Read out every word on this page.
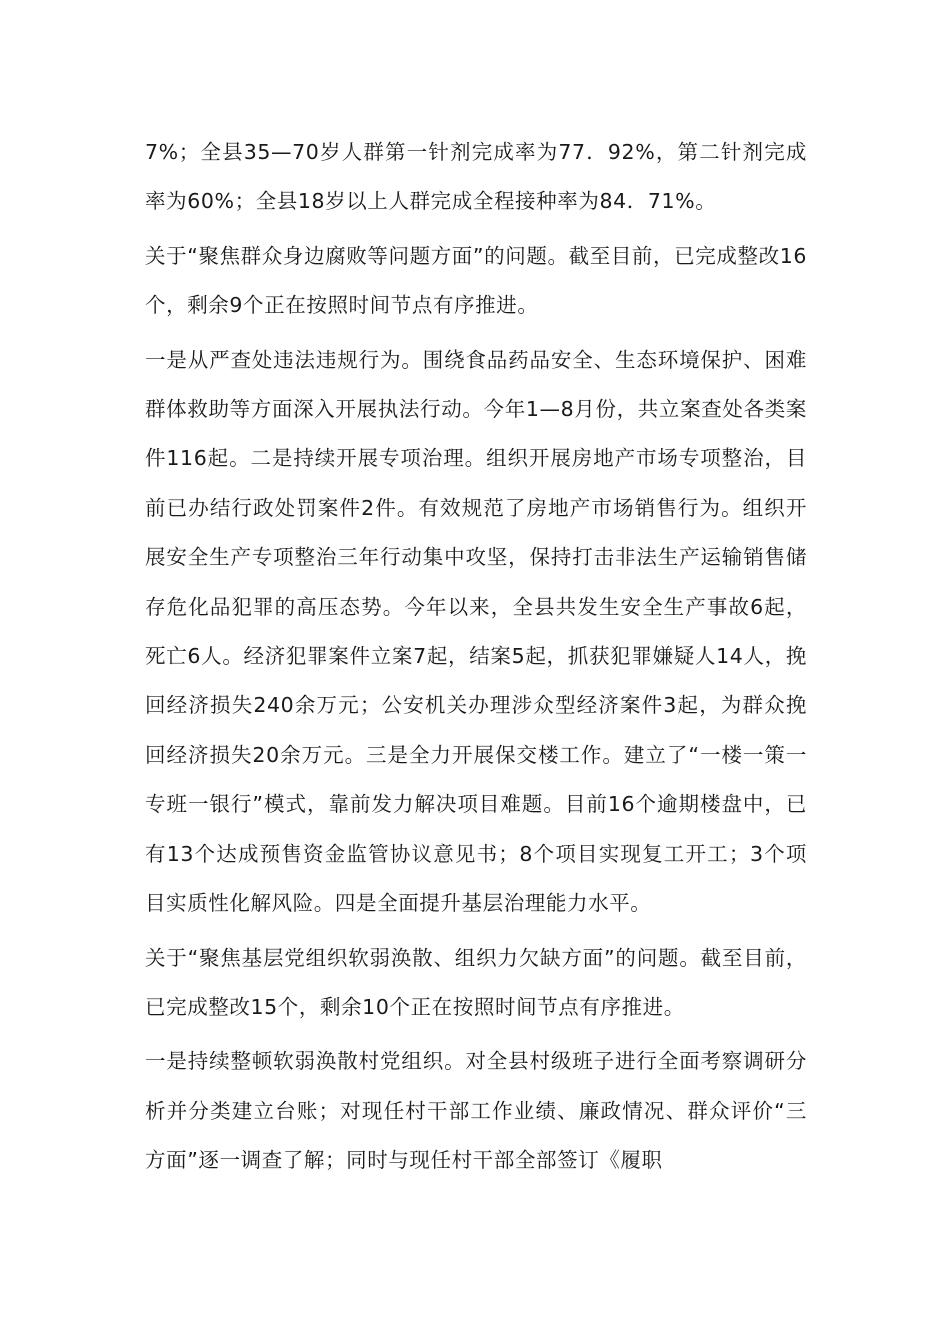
7%；全县35—70岁人群第一针剂完成率为77．92%，第二针剂完成率为60%；全县18岁以上人群完成全程接种率为84．71%。

关于“聚焦群众身边腐败等问题方面”的问题。截至目前，已完成整改16个，剩余9个正在按照时间节点有序推进。

一是从严查处违法违规行为。围绕食品药品安全、生态环境保护、困难群体救助等方面深入开展执法行动。今年1—8月份，共立案查处各类案件116起。二是持续开展专项治理。组织开展房地产市场专项整治，目前已办结行政处罚案件2件。有效规范了房地产市场销售行为。组织开展安全生产专项整治三年行动集中攻坚，保持打击非法生产运输销售储存危化品犯罪的高压态势。今年以来，全县共发生安全生产事故6起，死亡6人。经济犯罪案件立案7起，结案5起，抓获犯罪嫌疑人14人，挽回经济损失240余万元；公安机关办理涉众型经济案件3起，为群众挽回经济损失20余万元。三是全力开展保交楼工作。建立了“一楼一策一专班一银行”模式，靠前发力解决项目难题。目前16个逾期楼盘中，已有13个达成预售资金监管协议意见书；8个项目实现复工开工；3个项目实质性化解风险。四是全面提升基层治理能力水平。

关于“聚焦基层党组织软弱涣散、组织力欠缺方面”的问题。截至目前，已完成整改15个，剩余10个正在按照时间节点有序推进。

一是持续整顿软弱涣散村党组织。对全县村级班子进行全面考察调研分析并分类建立台账；对现任村干部工作业绩、廉政情况、群众评价“三方面”逐一调查了解；同时与现任村干部全部签订《履职
